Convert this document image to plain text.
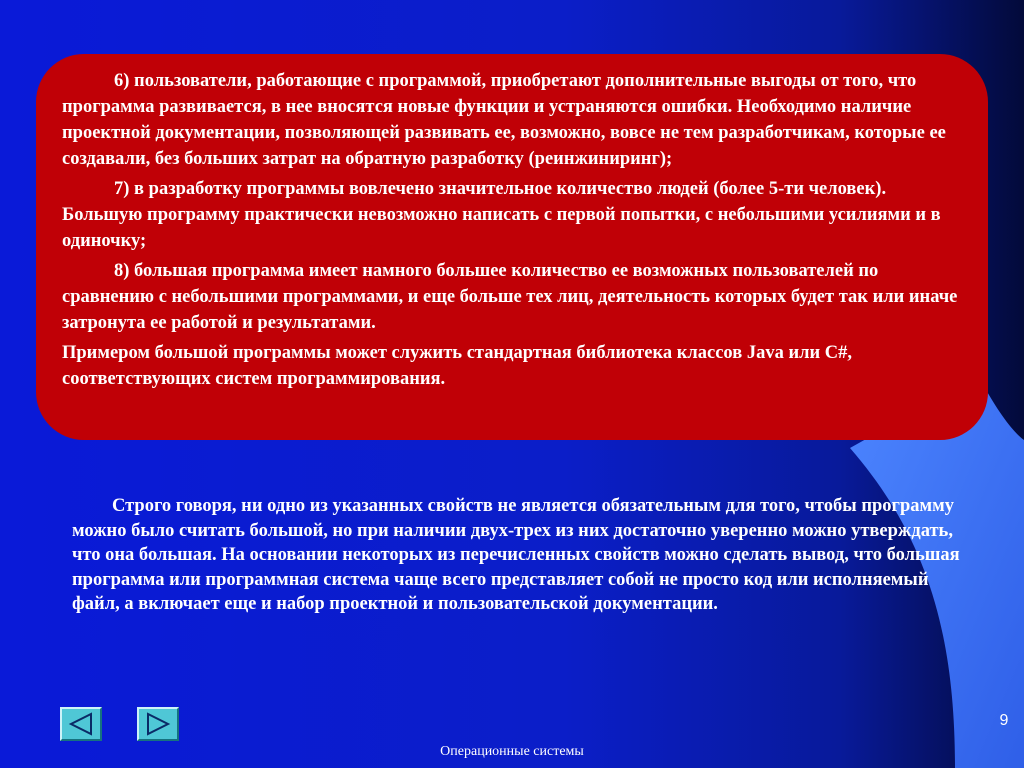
6) пользователи, работающие с программой, приобретают дополнительные выгоды от того, что программа развивается, в нее вносятся новые функции и устраняются ошибки. Необходимо наличие проектной документации, позволяющей развивать ее, возможно, вовсе не тем разработчикам, которые ее создавали, без больших затрат на обратную разработку (реинжиниринг);

7) в разработку программы вовлечено значительное количество людей (более 5-ти человек). Большую программу практически невозможно написать с первой попытки, с небольшими усилиями и в одиночку;

8) большая программа имеет намного большее количество ее возможных пользователей по сравнению с небольшими программами, и еще больше тех лиц, деятельность которых будет так или иначе затронута ее работой и результатами.

Примером большой программы может служить стандартная библиотека классов Java или C#, соответствующих систем программирования.

Строго говоря, ни одно из указанных свойств не является обязательным для того, чтобы программу можно было считать большой, но при наличии двух-трех из них достаточно уверенно можно утверждать, что она большая. На основании некоторых из перечисленных свойств можно сделать вывод, что большая программа или программная система чаще всего представляет собой не просто код или исполняемый файл, а включает еще и набор проектной и пользовательской документации.

9
Операционные системы
